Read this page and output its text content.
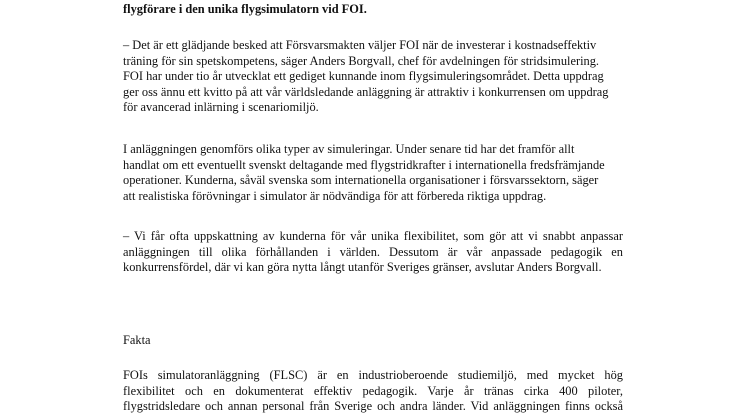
flygförare i den unika flygsimulatorn vid FOI.

– Det är ett glädjande besked att Försvarsmakten väljer FOI när de investerar i kostnadseffektiv
träning för sin spetskompetens, säger Anders Borgvall, chef för avdelningen för stridsimulering.
FOI har under tio år utvecklat ett gediget kunnande inom flygsimuleringsområdet. Detta uppdrag
ger oss ännu ett kvitto på att vår världsledande anläggning är attraktiv i konkurrensen om uppdrag
för avancerad inlärning i scenariomiljö.

I anläggningen genomförs olika typer av simuleringar. Under senare tid har det framför allt
handlat om ett eventuellt svenskt deltagande med flygstridkrafter i internationella fredsfrämjande
operationer. Kunderna, såväl svenska som internationella organisationer i försvarssektorn, säger
att realistiska förövningar i simulator är nödvändiga för att förbereda riktiga uppdrag.

– Vi får ofta uppskattning av kunderna för vår unika flexibilitet, som gör att vi snabbt anpassar
anläggningen till olika förhållanden i världen. Dessutom är vår anpassade pedagogik en
konkurrensfördel, där vi kan göra nytta långt utanför Sveriges gränser, avslutar Anders Borgvall.

Fakta

FOIs simulatoranläggning (FLSC) är en industrioberoende studiemiljö, med mycket hög
flexibilitet och en dokumenterat effektiv pedagogik. Varje år tränas cirka 400 piloter,
flygstridsledare och annan personal från Sverige och andra länder. Vid anläggningen finns också
